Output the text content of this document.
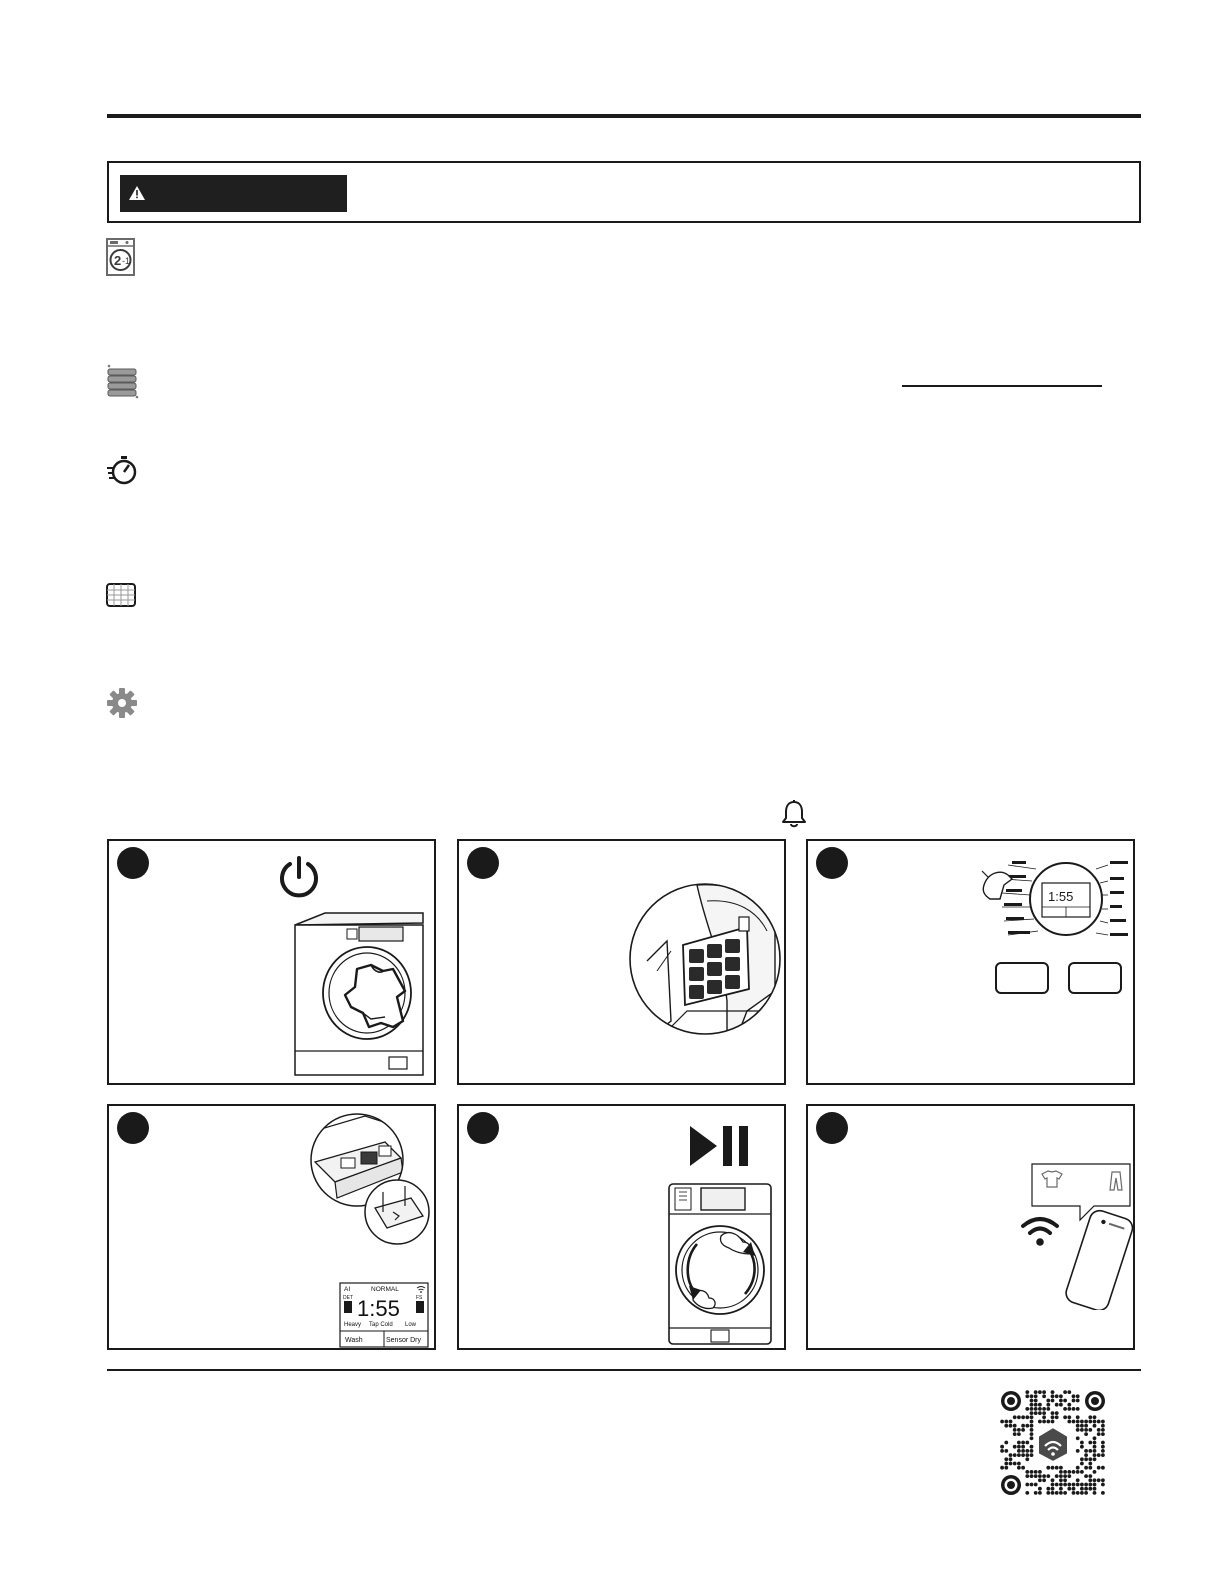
2 -1
1:55
AI	NORMAL
DET	FS
1:55
Heavy Tap Cold Low
Wash	Sensor Dry
